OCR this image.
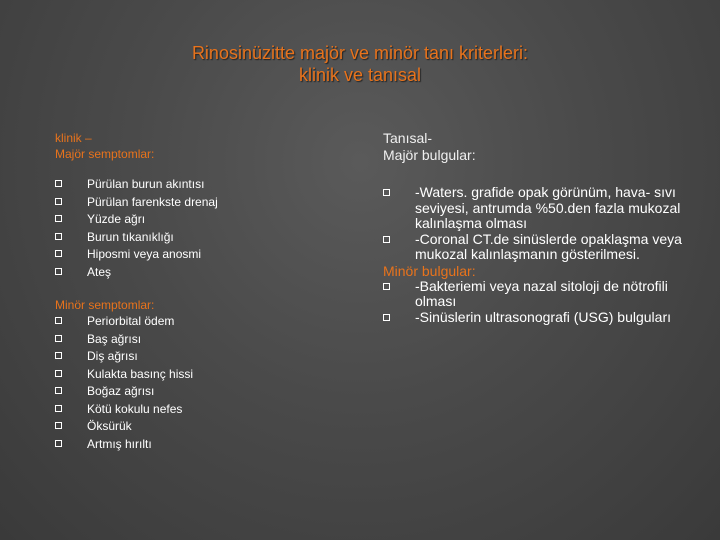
Rinosinüzitte majör ve minör tanı kriterleri:
klinik ve tanısal
klinik –
Majör semptomlar:
Pürülan burun akıntısı
Pürülan farenkste drenaj
Yüzde ağrı
Burun tıkanıklığı
Hiposmi veya anosmi
Ateş
Minör semptomlar:
Periorbital ödem
Baş ağrısı
Diş ağrısı
Kulakta basınç hissi
Boğaz ağrısı
Kötü kokulu nefes
Öksürük
Artmış hırıltı
Tanısal-
Majör bulgular:
-Waters. grafide opak görünüm, hava- sıvı seviyesi, antrumda %50.den fazla mukozal kalınlaşma olması
-Coronal CT.de sinüslerde opaklaşma veya mukozal kalınlaşmanın gösterilmesi.
Minör bulgular:
-Bakteriemi veya nazal sitoloji de nötrofili olması
-Sinüslerin ultrasonografi (USG) bulguları
